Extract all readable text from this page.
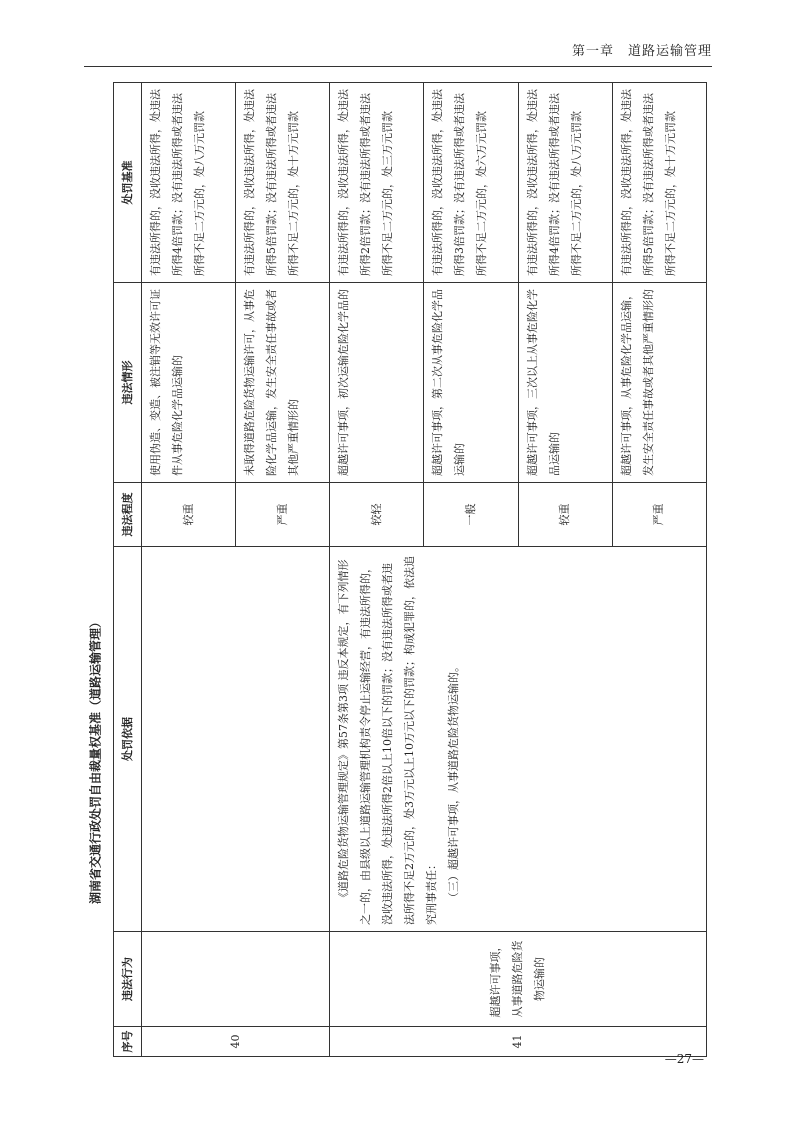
第一章　道路运输管理
湖南省交通行政处罚自由裁量权基准（道路运输管理）
序号	违法行为	处罚依据	违法程度	违法情形	处罚基准
40			较重	使用伪造、变造、被注销等无效许可证件从事危险化学品运输的	有违法所得的，没收违法所得，处违法所得4倍罚款；没有违法所得或者违法所得不足二万元的，处八万元罚款
			严重	未取得道路危险货物运输许可，从事危险化学品运输，发生安全责任事故或者其他严重情形的	有违法所得的，没收违法所得，处违法所得5倍罚款；没有违法所得或者违法所得不足二万元的，处十万元罚款
41	超越许可事项，从事道路危险货物运输的	《道路危险货物运输管理规定》第57条第3项 违反本规定，有下列情形之一的，由县级以上道路运输管理机构责令停止运输经营，有违法所得的，没收违法所得，处违法所得2倍以上10倍以下的罚款；没有违法所得或者违法所得不足2万元的，处3万元以上10万元以下的罚款；构成犯罪的，依法追究刑事责任： （三）超越许可事项，从事道路危险货物运输的。	较轻	超越许可事项，初次运输危险化学品的	有违法所得的，没收违法所得，处违法所得2倍罚款；没有违法所得或者违法所得不足二万元的，处三万元罚款
			一般	超越许可事项，第二次从事危险化学品运输的	有违法所得的，没收违法所得，处违法所得3倍罚款；没有违法所得或者违法所得不足二万元的，处六万元罚款
			较重	超越许可事项，三次以上从事危险化学品运输的	有违法所得的，没收违法所得，处违法所得4倍罚款；没有违法所得或者违法所得不足二万元的，处八万元罚款
			严重	超越许可事项，从事危险化学品运输，发生安全责任事故或者其他严重情形的	有违法所得的，没收违法所得，处违法所得5倍罚款；没有违法所得或者违法所得不足二万元的，处十万元罚款
—27—
